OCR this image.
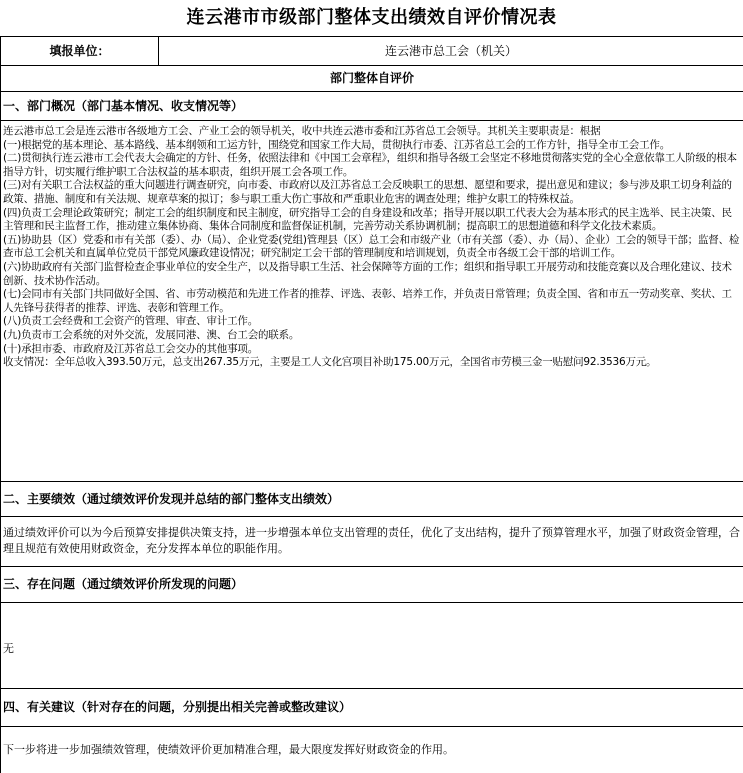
连云港市市级部门整体支出绩效自评价情况表
填报单位：	连云港市总工会（机关）
部门整体自评价
一、部门概况（部门基本情况、收支情况等）

连云港市总工会是连云港市各级地方工会、产业工会的领导机关，收中共连云港市委和江苏省总工会领导。其机关主要职责是：根据

(一)根据党的基本理论、基本路线、基本纲领和工运方针，围绕党和国家工作大局，贯彻执行市委、江苏省总工会的工作方针，指导全市工会工作。

(二)贯彻执行连云港市工会代表大会确定的方针、任务，依照法律和《中国工会章程》，组织和指导各级工会坚定不移地贯彻落实党的全心全意依靠工人阶级的根本指导方针，切实履行维护职工合法权益的基本职责，组织开展工会各项工作。

(三)对有关职工合法权益的重大问题进行调查研究，向市委、市政府以及江苏省总工会反映职工的思想、愿望和要求，提出意见和建议；参与涉及职工切身利益的政策、措施、制度和有关法规、规章草案的拟订；参与职工重大伤亡事故和严重职业危害的调查处理；维护女职工的特殊权益。

(四)负责工会理论政策研究；制定工会的组织制度和民主制度，研究指导工会的自身建设和改革；指导开展以职工代表大会为基本形式的民主选举、民主决策、民主管理和民主监督工作，推动建立集体协商、集体合同制度和监督保证机制，完善劳动关系协调机制；提高职工的思想道德和科学文化技术素质。

(五)协助县（区）党委和市有关部（委）、办（局）、企业党委(党组)管理县（区）总工会和市级产业（市有关部（委）、办（局）、企业）工会的领导干部；监督、检查市总工会机关和直属单位党员干部党风廉政建设情况；研究制定工会干部的管理制度和培训规划，负责全市各级工会干部的培训工作。

(六)协助政府有关部门监督检查企事业单位的安全生产，以及指导职工生活、社会保障等方面的工作；组织和指导职工开展劳动和技能竞赛以及合理化建议、技术创新、技术协作活动。

(七)会同市有关部门共同做好全国、省、市劳动模范和先进工作者的推荐、评选、表彰、培养工作，并负责日常管理；负责全国、省和市五一劳动奖章、奖状、工人先锋号获得者的推荐、评选、表彰和管理工作。

(八)负责工会经费和工会资产的管理、审查、审计工作。

(九)负责市工会系统的对外交流，发展同港、澳、台工会的联系。

(十)承担市委、市政府及江苏省总工会交办的其他事项。

收支情况：全年总收入393.50万元，总支出267.35万元，主要是工人文化宫项目补助175.00万元，全国省市劳模三金一贴慰问92.3536万元。

二、主要绩效（通过绩效评价发现并总结的部门整体支出绩效）
通过绩效评价可以为今后预算安排提供决策支持，进一步增强本单位支出管理的责任，优化了支出结构，提升了预算管理水平，加强了财政资金管理，合理且规范有效使用财政资金，充分发挥本单位的职能作用。
三、存在问题（通过绩效评价所发现的问题）
无
四、有关建议（针对存在的问题，分别提出相关完善或整改建议）
下一步将进一步加强绩效管理，使绩效评价更加精准合理，最大限度发挥好财政资金的作用。
